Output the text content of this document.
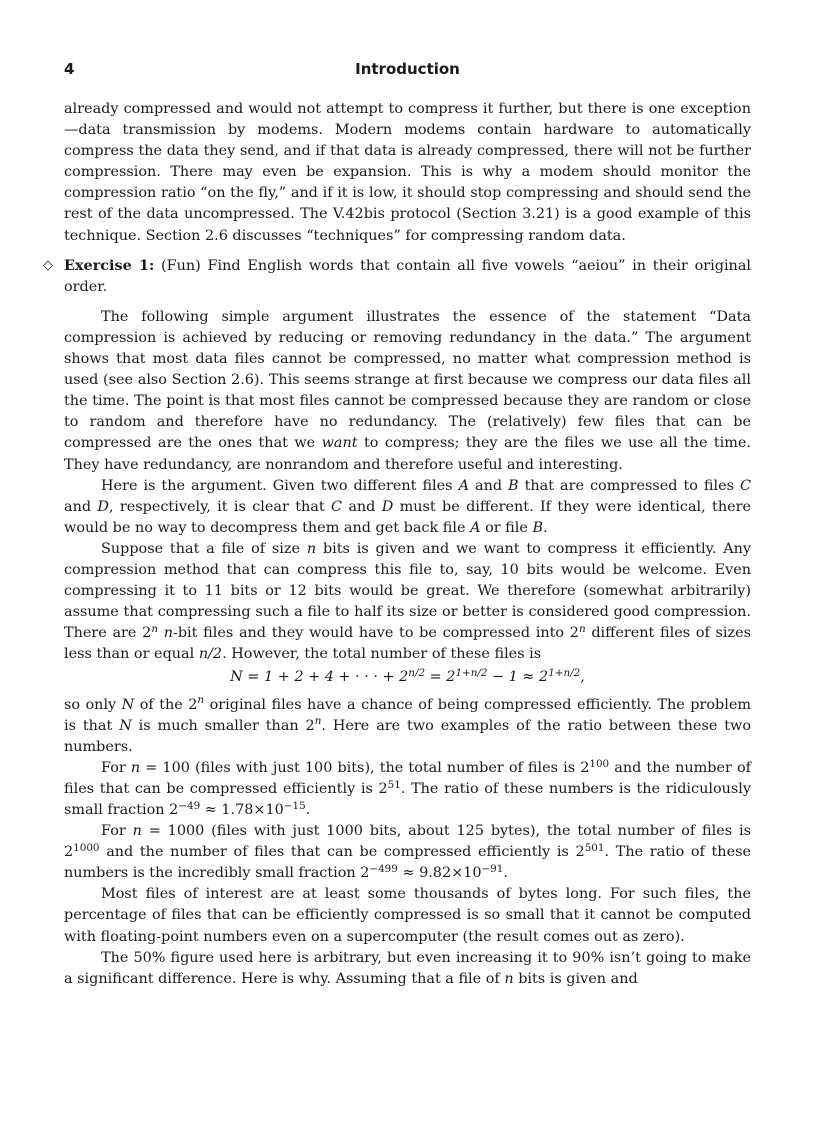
4	Introduction

already compressed and would not attempt to compress it further, but there is one exception—data transmission by modems. Modern modems contain hardware to automatically compress the data they send, and if that data is already compressed, there will not be further compression. There may even be expansion. This is why a modem should monitor the compression ratio “on the fly,” and if it is low, it should stop compressing and should send the rest of the data uncompressed. The V.42bis protocol (Section 3.21) is a good example of this technique. Section 2.6 discusses “techniques” for compressing random data.

◇ Exercise 1: (Fun) Find English words that contain all five vowels “aeiou” in their original order.

The following simple argument illustrates the essence of the statement “Data compression is achieved by reducing or removing redundancy in the data.” The argument shows that most data files cannot be compressed, no matter what compression method is used (see also Section 2.6). This seems strange at first because we compress our data files all the time. The point is that most files cannot be compressed because they are random or close to random and therefore have no redundancy. The (relatively) few files that can be compressed are the ones that we want to compress; they are the files we use all the time. They have redundancy, are nonrandom and therefore useful and interesting.

Here is the argument. Given two different files A and B that are compressed to files C and D, respectively, it is clear that C and D must be different. If they were identical, there would be no way to decompress them and get back file A or file B.

Suppose that a file of size n bits is given and we want to compress it efficiently. Any compression method that can compress this file to, say, 10 bits would be welcome. Even compressing it to 11 bits or 12 bits would be great. We therefore (somewhat arbitrarily) assume that compressing such a file to half its size or better is considered good compression. There are 2$^n$ n-bit files and they would have to be compressed into 2$^n$ different files of sizes less than or equal n/2. However, the total number of these files is

N = 1 + 2 + 4 + · · · + $2^{n/2} = 2^{1+n/2} - 1 \approx 2^{1+n/2}$,

so only N of the 2$^n$ original files have a chance of being compressed efficiently. The problem is that N is much smaller than 2$^n$. Here are two examples of the ratio between these two numbers.

For n = 100 (files with just 100 bits), the total number of files is $2^{100}$ and the number of files that can be compressed efficiently is $2^{51}$. The ratio of these numbers is the ridiculously small fraction $2^{-49} \approx 1.78\times 10^{-15}$.

For n = 1000 (files with just 1000 bits, about 125 bytes), the total number of files is $2^{1000}$ and the number of files that can be compressed efficiently is $2^{501}$. The ratio of these numbers is the incredibly small fraction $2^{-499} \approx 9.82\times 10^{-91}$.

Most files of interest are at least some thousands of bytes long. For such files, the percentage of files that can be efficiently compressed is so small that it cannot be computed with floating-point numbers even on a supercomputer (the result comes out as zero).

The 50% figure used here is arbitrary, but even increasing it to 90% isn’t going to make a significant difference. Here is why. Assuming that a file of n bits is given and
